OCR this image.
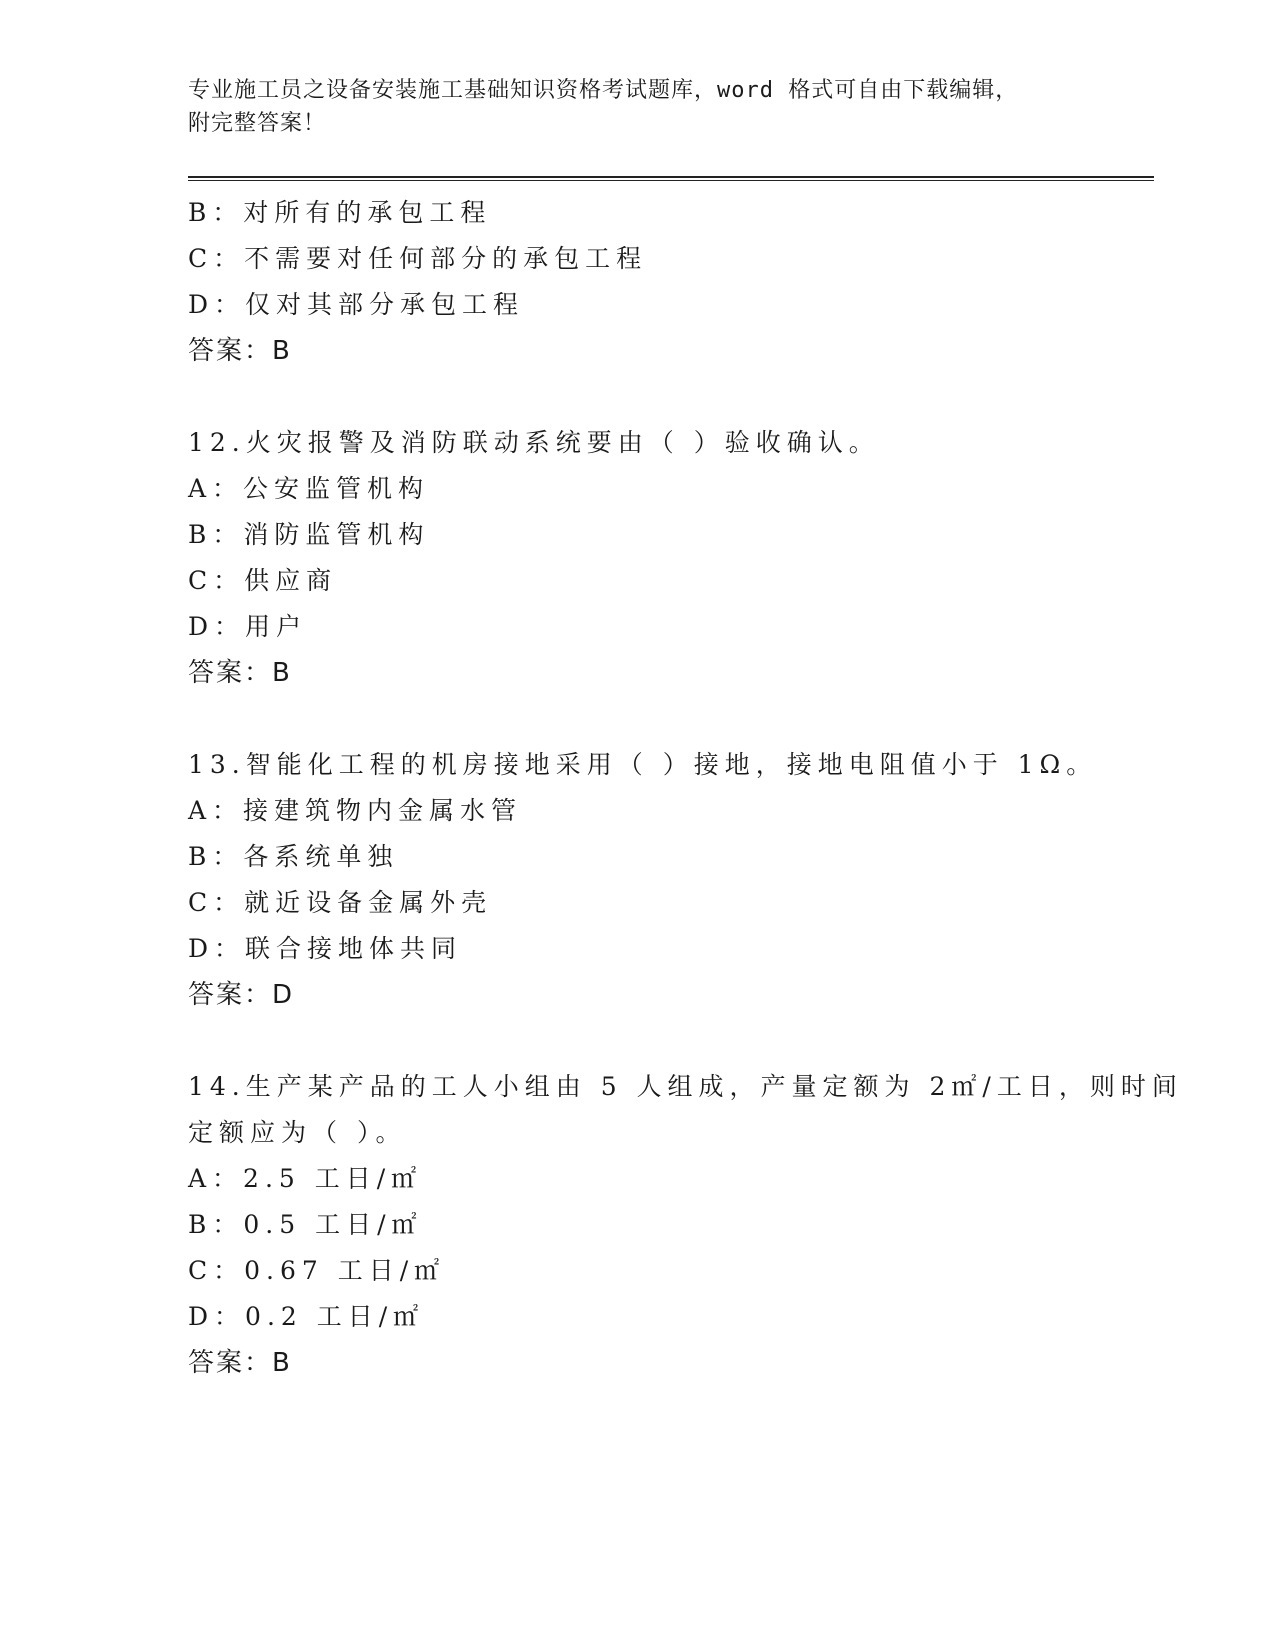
专业施工员之设备安装施工基础知识资格考试题库，word 格式可自由下载编辑，
附完整答案！
B：对所有的承包工程
C：不需要对任何部分的承包工程
D：仅对其部分承包工程
答案：B
12.火灾报警及消防联动系统要由（ ）验收确认。
A：公安监管机构
B：消防监管机构
C：供应商
D：用户
答案：B
13.智能化工程的机房接地采用（ ）接地，接地电阻值小于 1Ω。
A：接建筑物内金属水管
B：各系统单独
C：就近设备金属外壳
D：联合接地体共同
答案：D
14.生产某产品的工人小组由 5 人组成，产量定额为 2㎡/工日，则时间
定额应为（ ）。
A：2.5 工日/㎡
B：0.5 工日/㎡
C：0.67 工日/㎡
D：0.2 工日/㎡
答案：B
